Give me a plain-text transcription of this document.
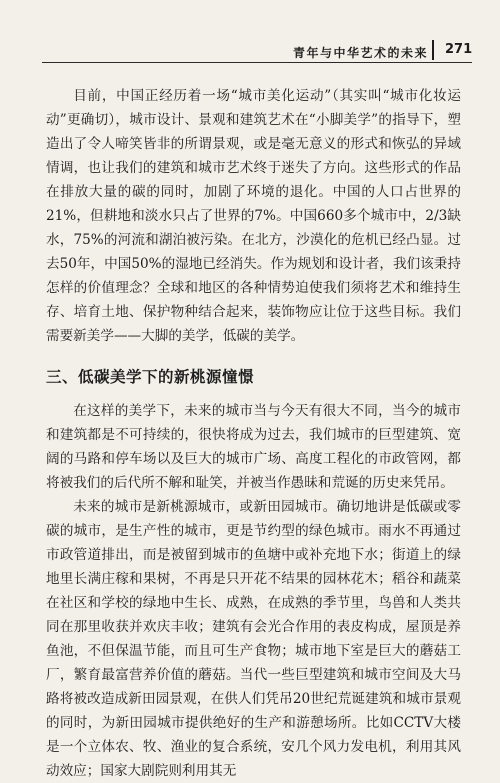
青年与中华艺术的未来 271

目前，中国正经历着一场“城市美化运动”（其实叫“城市化妆运动”更确切），城市设计、景观和建筑艺术在“小脚美学”的指导下，塑造出了令人啼笑皆非的所谓景观，或是毫无意义的形式和恢弘的异域情调，也让我们的建筑和城市艺术终于迷失了方向。这些形式的作品在排放大量的碳的同时，加剧了环境的退化。中国的人口占世界的21%，但耕地和淡水只占了世界的7%。中国660多个城市中，2/3缺水，75%的河流和湖泊被污染。在北方，沙漠化的危机已经凸显。过去50年，中国50%的湿地已经消失。作为规划和设计者，我们该秉持怎样的价值理念？全球和地区的各种情势迫使我们须将艺术和维持生存、培育土地、保护物种结合起来，装饰物应让位于这些目标。我们需要新美学——大脚的美学，低碳的美学。

三、低碳美学下的新桃源憧憬

在这样的美学下，未来的城市当与今天有很大不同，当今的城市和建筑都是不可持续的，很快将成为过去，我们城市的巨型建筑、宽阔的马路和停车场以及巨大的城市广场、高度工程化的市政管网，都将被我们的后代所不解和耻笑，并被当作愚昧和荒诞的历史来凭吊。

未来的城市是新桃源城市，或新田园城市。确切地讲是低碳或零碳的城市，是生产性的城市，更是节约型的绿色城市。雨水不再通过市政管道排出，而是被留到城市的鱼塘中或补充地下水；街道上的绿地里长满庄稼和果树，不再是只开花不结果的园林花木；稻谷和蔬菜在社区和学校的绿地中生长、成熟，在成熟的季节里，鸟兽和人类共同在那里收获并欢庆丰收；建筑有会光合作用的表皮构成，屋顶是养鱼池，不但保温节能，而且可生产食物；城市地下室是巨大的蘑菇工厂，繁育最富营养价值的蘑菇。当代一些巨型建筑和城市空间及大马路将被改造成新田园景观，在供人们凭吊20世纪荒诞建筑和城市景观的同时，为新田园城市提供绝好的生产和游憩场所。比如CCTV大楼是一个立体农、牧、渔业的复合系统，安几个风力发电机，利用其风动效应；国家大剧院则利用其无
